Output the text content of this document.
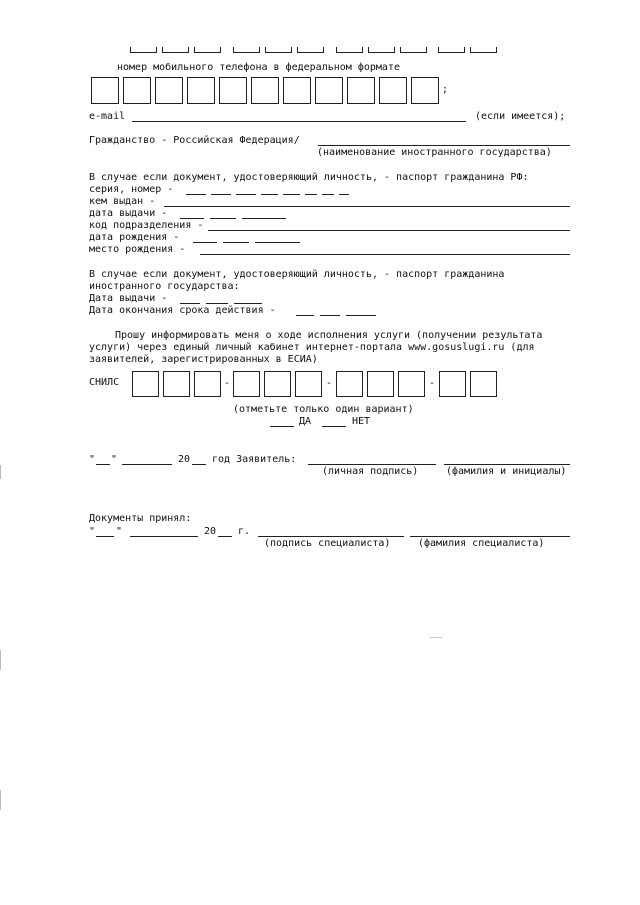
номер мобильного телефона в федеральном формате
;
e-mail	(если имеется);
Гражданство - Российская Федерация/
(наименование иностранного государства)
В случае если документ, удостоверяющий личность, - паспорт гражданина РФ:
серия, номер -
кем выдан -
дата выдачи -
код подразделения -
дата рождения -
место рождения -
В случае если документ, удостоверяющий личность, - паспорт гражданина
иностранного государства:
Дата выдачи -
Дата окончания срока действия -
Прошу информировать меня о ходе исполнения услуги (получении результата
услуги) через единый личный кабинет интернет-портала www.gosuslugi.ru (для
заявителей, зарегистрированных в ЕСИА)
СНИЛС	-	-	-
(отметьте только один вариант)
ДА	НЕТ
" "	20 год Заявитель:
(личная подпись)	(фамилия и инициалы)
Документы принял:
" "	20 г.
(подпись специалиста)	(фамилия специалиста)
